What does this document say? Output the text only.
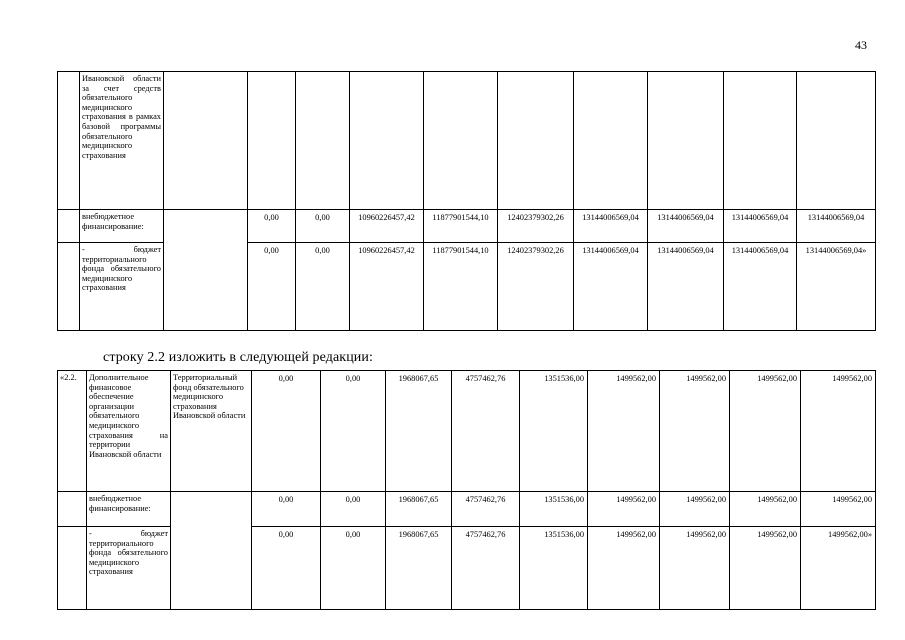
43
	Ивановской области за счет средств обязательного медицинского страхования в рамках базовой программы обязательного медицинского страхования										
	внебюджетное финансирование:		0,00	0,00	10960226457,42	11877901544,10	12402379302,26	13144006569,04	13144006569,04	13144006569,04	13144006569,04
	- бюджет территориального фонда обязательного медицинского страхования		0,00	0,00	10960226457,42	11877901544,10	12402379302,26	13144006569,04	13144006569,04	13144006569,04	13144006569,04»
строку 2.2 изложить в следующей редакции:
«2.2.	Дополнительное финансовое обеспечение организации обязательного медицинского страхования на территории Ивановской области	Территориальный фонд обязательного медицинского страхования Ивановской области	0,00	0,00	1968067,65	4757462,76	1351536,00	1499562,00	1499562,00	1499562,00	1499562,00
	внебюджетное финансирование:		0,00	0,00	1968067,65	4757462,76	1351536,00	1499562,00	1499562,00	1499562,00	1499562,00
	- бюджет территориального фонда обязательного медицинского страхования		0,00	0,00	1968067,65	4757462,76	1351536,00	1499562,00	1499562,00	1499562,00	1499562,00»
